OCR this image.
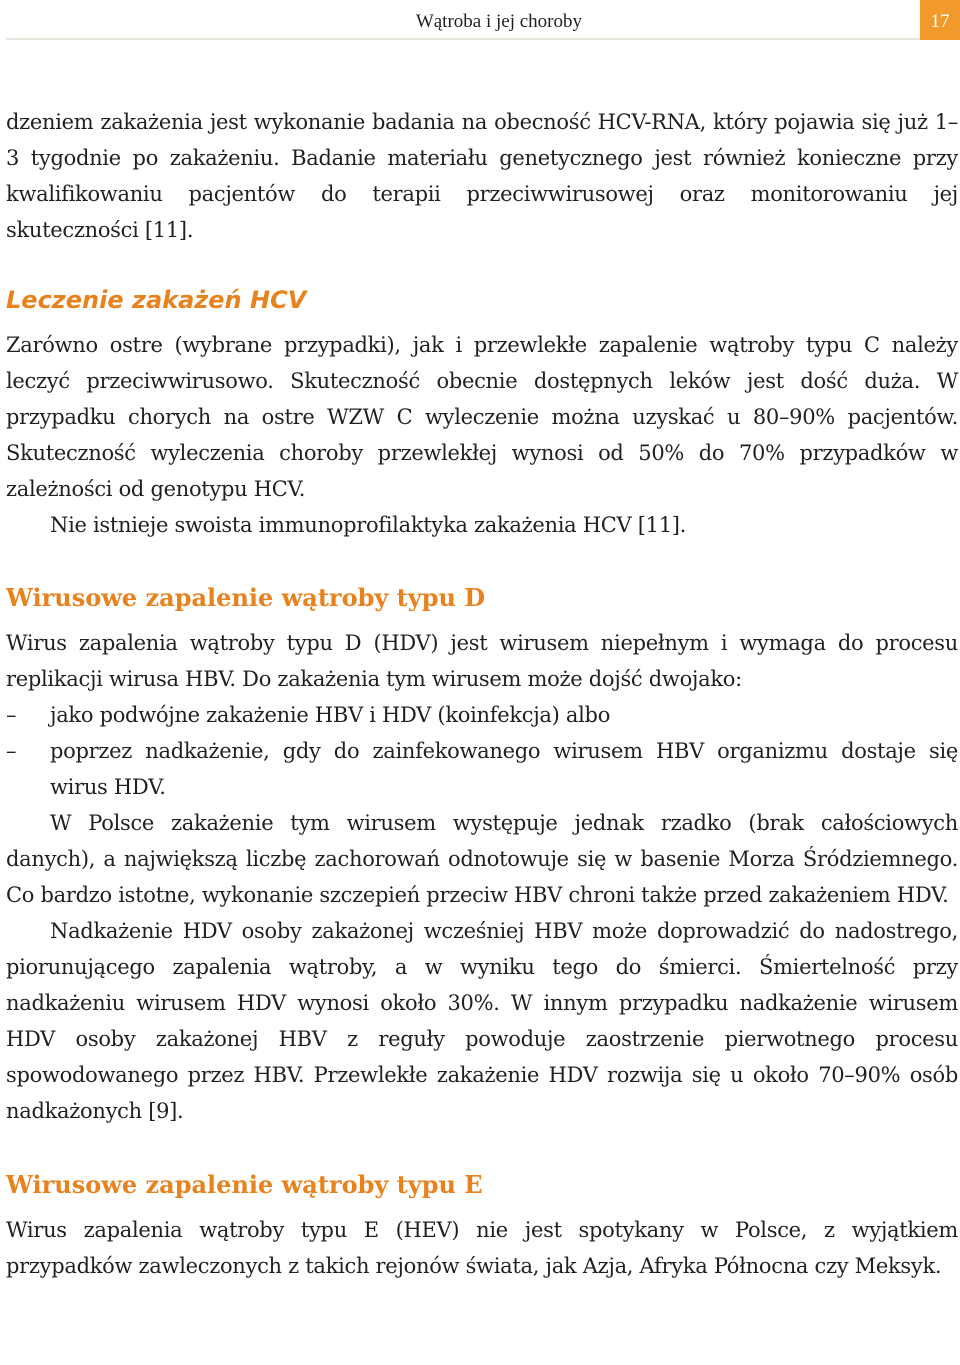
Wątroba i jej choroby	17

dzeniem zakażenia jest wykonanie badania na obecność HCV-RNA, który pojawia się już 1–3 tygodnie po zakażeniu. Badanie materiału genetycznego jest również konieczne przy kwalifikowaniu pacjentów do terapii przeciwwirusowej oraz monitorowaniu jej skuteczności [11].

Leczenie zakażeń HCV

Zarówno ostre (wybrane przypadki), jak i przewlekłe zapalenie wątroby typu C należy leczyć przeciwwirusowo. Skuteczność obecnie dostępnych leków jest dość duża. W przypadku chorych na ostre WZW C wyleczenie można uzyskać u 80–90% pacjentów. Skuteczność wyleczenia choroby przewlekłej wynosi od 50% do 70% przypadków w zależności od genotypu HCV.

Nie istnieje swoista immunoprofilaktyka zakażenia HCV [11].

Wirusowe zapalenie wątroby typu D

Wirus zapalenia wątroby typu D (HDV) jest wirusem niepełnym i wymaga do procesu replikacji wirusa HBV. Do zakażenia tym wirusem może dojść dwojako:

– jako podwójne zakażenie HBV i HDV (koinfekcja) albo
– poprzez nadkażenie, gdy do zainfekowanego wirusem HBV organizmu dostaje się wirus HDV.

W Polsce zakażenie tym wirusem występuje jednak rzadko (brak całościowych danych), a największą liczbę zachorowań odnotowuje się w basenie Morza Śródziemnego. Co bardzo istotne, wykonanie szczepień przeciw HBV chroni także przed zakażeniem HDV.

Nadkażenie HDV osoby zakażonej wcześniej HBV może doprowadzić do nadostrego, piorunującego zapalenia wątroby, a w wyniku tego do śmierci. Śmiertelność przy nadkażeniu wirusem HDV wynosi około 30%. W innym przypadku nadkażenie wirusem HDV osoby zakażonej HBV z reguły powoduje zaostrzenie pierwotnego procesu spowodowanego przez HBV. Przewlekłe zakażenie HDV rozwija się u około 70–90% osób nadkażonych [9].

Wirusowe zapalenie wątroby typu E

Wirus zapalenia wątroby typu E (HEV) nie jest spotykany w Polsce, z wyjątkiem przypadków zawleczonych z takich rejonów świata, jak Azja, Afryka Północna czy Meksyk.
